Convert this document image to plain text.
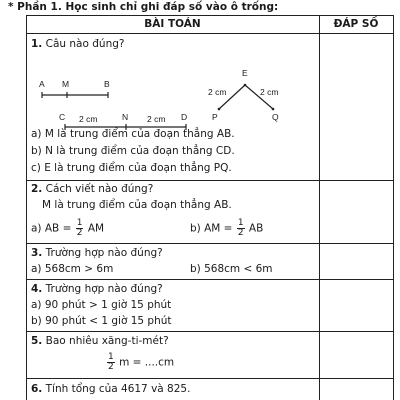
* Phần 1. Học sinh chỉ ghi đáp số vào ô trống:
BÀI TOÁN	ĐÁP SỐ
1. Câu nào đúng?
A M	B
C	N	D
2 cm	2 cm
E
P	Q
2 cm	2 cm
a) M là trung điểm của đoạn thẳng AB.
b) N là trung điểm của đoạn thẳng CD.
c) E là trung điểm của đoạn thẳng PQ.
2. Cách viết nào đúng?
M là trung điểm của đoạn thẳng AB.
a) AB = $\frac{1}{2}$ AM	b) AM = $\frac{1}{2}$ AB
3. Trường hợp nào đúng?
a) 568cm > 6m	b) 568cm < 6m
4. Trường hợp nào đúng?
a) 90 phút > 1 giờ 15 phút
b) 90 phút < 1 giờ 15 phút
5. Bao nhiêu xăng-ti-mét?
$\frac{1}{2}$ m = ....cm
6. Tính tổng của 4617 và 825.
